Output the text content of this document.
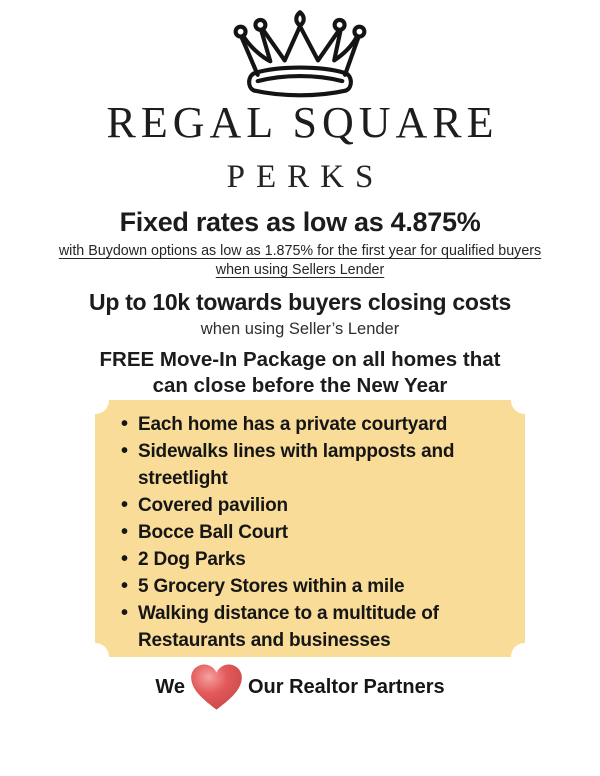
REGAL SQUARE
PERKS
Fixed rates as low as 4.875%
with Buydown options as low as 1.875% for the first year for qualified buyers
when using Sellers Lender
Up to 10k towards buyers closing costs
when using Seller’s Lender
FREE Move-In Package on all homes that
can close before the New Year
• Each home has a private courtyard
• Sidewalks lines with lampposts and streetlight
• Covered pavilion
• Bocce Ball Court
• 2 Dog Parks
• 5 Grocery Stores within a mile
• Walking distance to a multitude of Restaurants and businesses
We	Our Realtor Partners
